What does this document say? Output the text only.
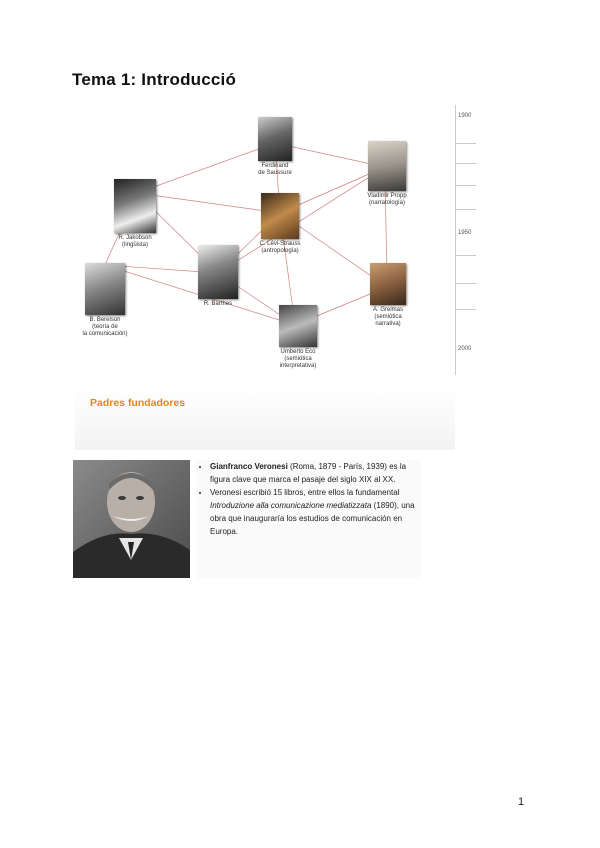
Tema 1: Introducció
Ferdinand
de Saussure
Vladimir Propp
(narratología)
R. Jakobson
(lingüista)	C. Lévi-Strauss
(antropología)
R. Barthes
B. Berelson
(teoría de
la comunicación)
A. Greimas
(semiótica
narrativa)
Umberto Eco
(semiótica
interpretativa)
1900
1950
2000
Padres fundadores
• Gianfranco Veronesi (Roma, 1879 - París, 1939) es la figura clave que marca el pasaje del siglo XIX al XX.
• Veronesi escribió 15 libros, entre ellos la fundamental Introduzione alla comunicazione mediatizzata (1890), una obra que inauguraría los estudios de comunicación en Europa.
1
